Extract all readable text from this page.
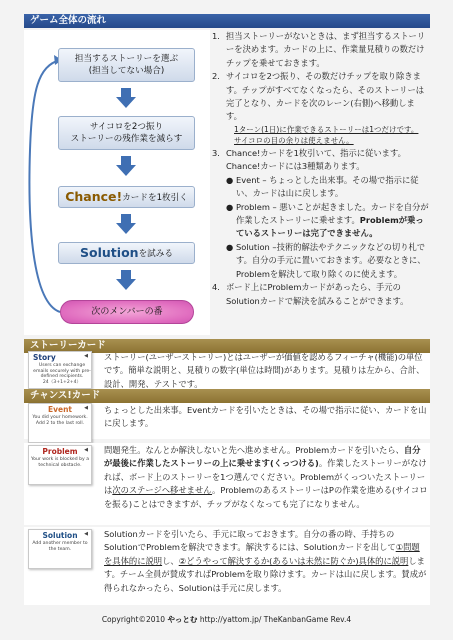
ゲーム全体の流れ
担当するストーリーを選ぶ
(担当してない場合)
サイコロを2つ振り
ストーリーの残作業を減らす
Chance!カードを1枚引く
Solutionを試みる
次のメンバーの番
1. 担当ストーリーがないときは、まず担当するストーリーを決めます。カードの上に、作業量見積りの数だけチップを乗せておきます。
2. サイコロを2つ振り、その数だけチップを取り除きます。チップがすべてなくなったら、そのストーリーは完了となり、カードを次のレーン(右側)へ移動します。
1ターン(1日)に作業できるストーリーは1つだけです。
サイコロの目の余りは使えません。
3. Chance!カードを1枚引いて、指示に従います。Chance!カードには3種類あります。
● Event – ちょっとした出来事。その場で指示に従い、カードは山に戻します。
● Problem – 悪いことが起きました。カードを自分が作業したストーリーに乗せます。Problemが乗っているストーリーは完了できません。
● Solution –技術的解法やテクニックなどの切り札です。自分の手元に置いておきます。必要なときに、Problemを解決して取り除くのに使えます。
4. ボード上にProblemカードがあったら、手元のSolutionカードで解決を試みることができます。
ストーリーカード
◀
Story
Users can exchange emails securely with pre-defined recipients.
24（3+1+2+4）
ストーリー(ユーザーストーリー)とはユーザーが価値を認めるフィーチャ(機能)の単位です。簡単な説明と、見積りの数字(単位は時間)があります。見積りは左から、合計、設計、開発、テストです。
チャンス!カード
◀
Event
You did your homework. Add 2 to the last roll.
ちょっとした出来事。Eventカードを引いたときは、その場で指示に従い、カードを山に戻します。
◀
Problem
Your work is blocked by a technical obstacle.
問題発生。なんとか解決しないと先へ進めません。Problemカードを引いたら、自分が最後に作業したストーリーの上に乗せます(くっつける)。作業したストーリーがなければ、ボード上のストーリーを1つ選んでください。Problemがくっついたストーリーは次のステージへ移せません。ProblemのあるストーリーはPの作業を進める(サイコロを振る)ことはできますが、チップがなくなっても完了になりません。
◀
Solution
Add another member to the team.
Solutionカードを引いたら、手元に取っておきます。自分の番の時、手持ちのSolutionでProblemを解決できます。解決するには、Solutionカードを出して①問題を具体的に説明し、②どうやって解決するか(あるいは未然に防ぐか)具体的に説明します。チーム全員が賛成すればProblemを取り除けます。カードは山に戻します。賛成が得られなかったら、Solutionは手元に戻します。
Copyright©2010 やっとむ http://yattom.jp/ TheKanbanGame Rev.4
